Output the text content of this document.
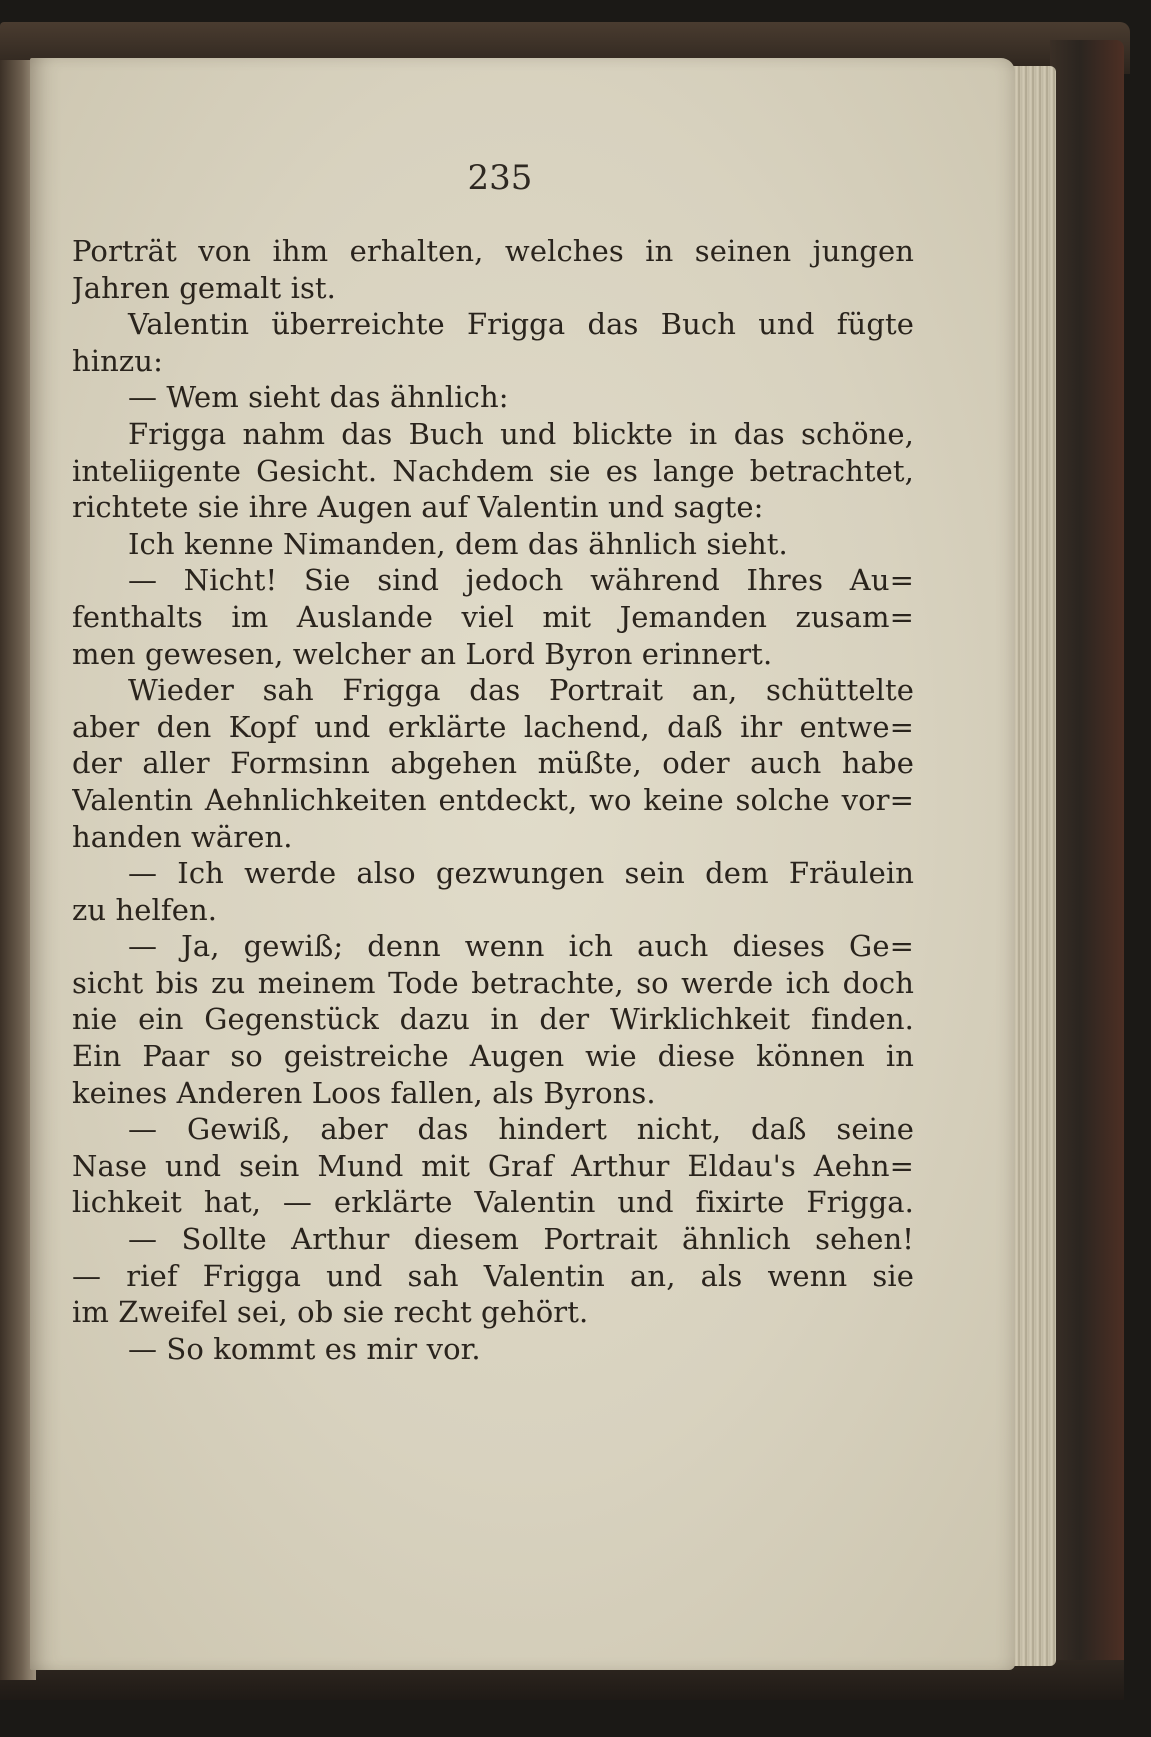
235
Porträt von ihm erhalten, welches in seinen jungen
Jahren gemalt ist.
Valentin überreichte Frigga das Buch und fügte
hinzu:
— Wem sieht das ähnlich:
Frigga nahm das Buch und blickte in das schöne,
inteliigente Gesicht. Nachdem sie es lange betrachtet,
richtete sie ihre Augen auf Valentin und sagte:
Ich kenne Nimanden, dem das ähnlich sieht.
— Nicht! Sie sind jedoch während Ihres Au=
fenthalts im Auslande viel mit Jemanden zusam=
men gewesen, welcher an Lord Byron erinnert.
Wieder sah Frigga das Portrait an, schüttelte
aber den Kopf und erklärte lachend, daß ihr entwe=
der aller Formsinn abgehen müßte, oder auch habe
Valentin Aehnlichkeiten entdeckt, wo keine solche vor=
handen wären.
— Ich werde also gezwungen sein dem Fräulein
zu helfen.
— Ja, gewiß; denn wenn ich auch dieses Ge=
sicht bis zu meinem Tode betrachte, so werde ich doch
nie ein Gegenstück dazu in der Wirklichkeit finden.
Ein Paar so geistreiche Augen wie diese können in
keines Anderen Loos fallen, als Byrons.
— Gewiß, aber das hindert nicht, daß seine
Nase und sein Mund mit Graf Arthur Eldau's Aehn=
lichkeit hat, — erklärte Valentin und fixirte Frigga.
— Sollte Arthur diesem Portrait ähnlich sehen!
— rief Frigga und sah Valentin an, als wenn sie
im Zweifel sei, ob sie recht gehört.
— So kommt es mir vor.
